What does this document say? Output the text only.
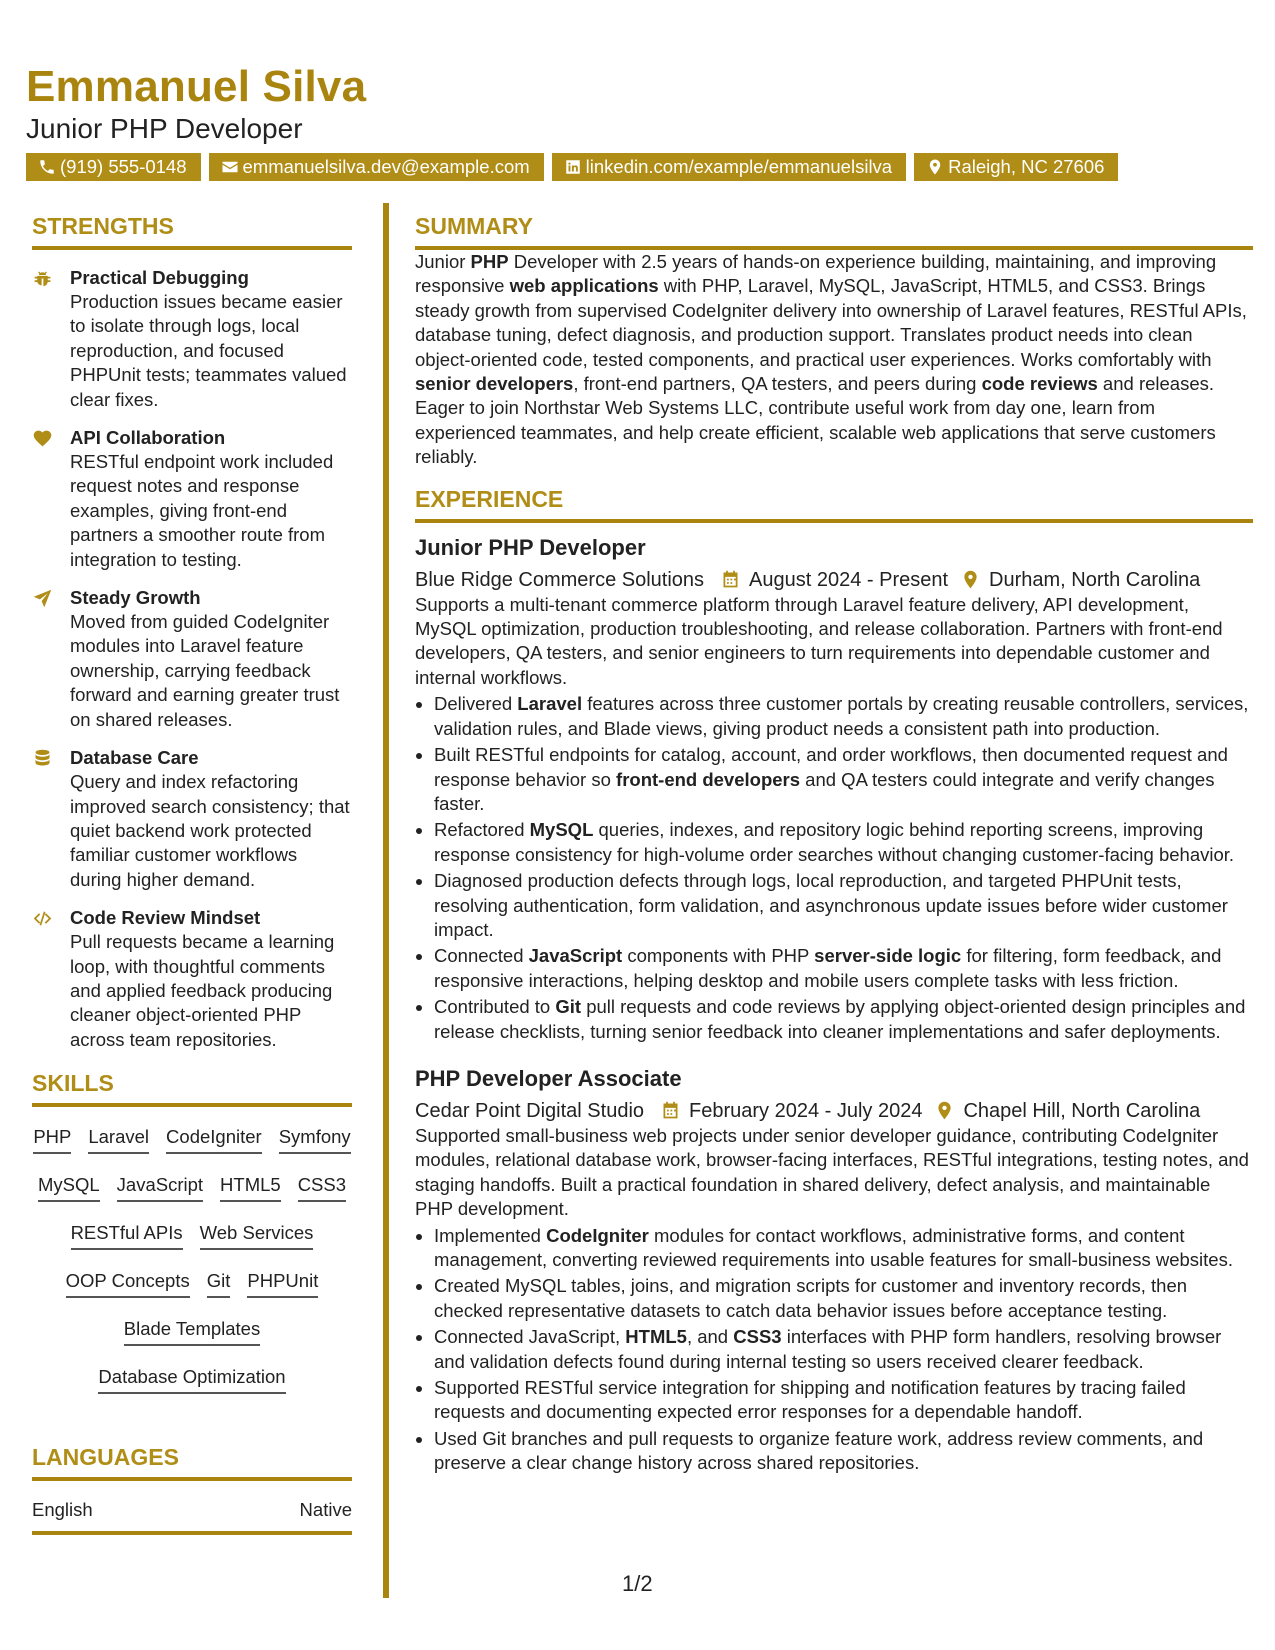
Emmanuel Silva
Junior PHP Developer
(919) 555-0148	emmanuelsilva.dev@example.com	linkedin.com/example/emmanuelsilva	Raleigh, NC 27606
STRENGTHS
Practical Debugging
Production issues became easier to isolate through logs, local reproduction, and focused PHPUnit tests; teammates valued clear fixes.
API Collaboration
RESTful endpoint work included request notes and response examples, giving front-end partners a smoother route from integration to testing.
Steady Growth
Moved from guided CodeIgniter modules into Laravel feature ownership, carrying feedback forward and earning greater trust on shared releases.
Database Care
Query and index refactoring improved search consistency; that quiet backend work protected familiar customer workflows during higher demand.
Code Review Mindset
Pull requests became a learning loop, with thoughtful comments and applied feedback producing cleaner object-oriented PHP across team repositories.
SKILLS
PHP Laravel CodeIgniter Symfony
MySQL JavaScript HTML5 CSS3
RESTful APIs Web Services
OOP Concepts Git PHPUnit
Blade Templates
Database Optimization
LANGUAGES
English	Native
SUMMARY

Junior PHP Developer with 2.5 years of hands-on experience building, maintaining, and improving responsive web applications with PHP, Laravel, MySQL, JavaScript, HTML5, and CSS3. Brings steady growth from supervised CodeIgniter delivery into ownership of Laravel features, RESTful APIs, database tuning, defect diagnosis, and production support. Translates product needs into clean object-oriented code, tested components, and practical user experiences. Works comfortably with senior developers, front-end partners, QA testers, and peers during code reviews and releases. Eager to join Northstar Web Systems LLC, contribute useful work from day one, learn from experienced teammates, and help create efficient, scalable web applications that serve customers reliably.

EXPERIENCE
Junior PHP Developer
Blue Ridge Commerce Solutions August 2024 - Present Durham, North Carolina

Supports a multi-tenant commerce platform through Laravel feature delivery, API development, MySQL optimization, production troubleshooting, and release collaboration. Partners with front-end developers, QA testers, and senior engineers to turn requirements into dependable customer and internal workflows.

• Delivered Laravel features across three customer portals by creating reusable controllers, services, validation rules, and Blade views, giving product needs a consistent path into production.
• Built RESTful endpoints for catalog, account, and order workflows, then documented request and response behavior so front-end developers and QA testers could integrate and verify changes faster.
• Refactored MySQL queries, indexes, and repository logic behind reporting screens, improving response consistency for high-volume order searches without changing customer-facing behavior.
• Diagnosed production defects through logs, local reproduction, and targeted PHPUnit tests, resolving authentication, form validation, and asynchronous update issues before wider customer impact.
• Connected JavaScript components with PHP server-side logic for filtering, form feedback, and responsive interactions, helping desktop and mobile users complete tasks with less friction.
• Contributed to Git pull requests and code reviews by applying object-oriented design principles and release checklists, turning senior feedback into cleaner implementations and safer deployments.
PHP Developer Associate
Cedar Point Digital Studio February 2024 - July 2024 Chapel Hill, North Carolina

Supported small-business web projects under senior developer guidance, contributing CodeIgniter modules, relational database work, browser-facing interfaces, RESTful integrations, testing notes, and staging handoffs. Built a practical foundation in shared delivery, defect analysis, and maintainable PHP development.

• Implemented CodeIgniter modules for contact workflows, administrative forms, and content management, converting reviewed requirements into usable features for small-business websites.
• Created MySQL tables, joins, and migration scripts for customer and inventory records, then checked representative datasets to catch data behavior issues before acceptance testing.
• Connected JavaScript, HTML5, and CSS3 interfaces with PHP form handlers, resolving browser and validation defects found during internal testing so users received clearer feedback.
• Supported RESTful service integration for shipping and notification features by tracing failed requests and documenting expected error responses for a dependable handoff.
• Used Git branches and pull requests to organize feature work, address review comments, and preserve a clear change history across shared repositories.
1/2
